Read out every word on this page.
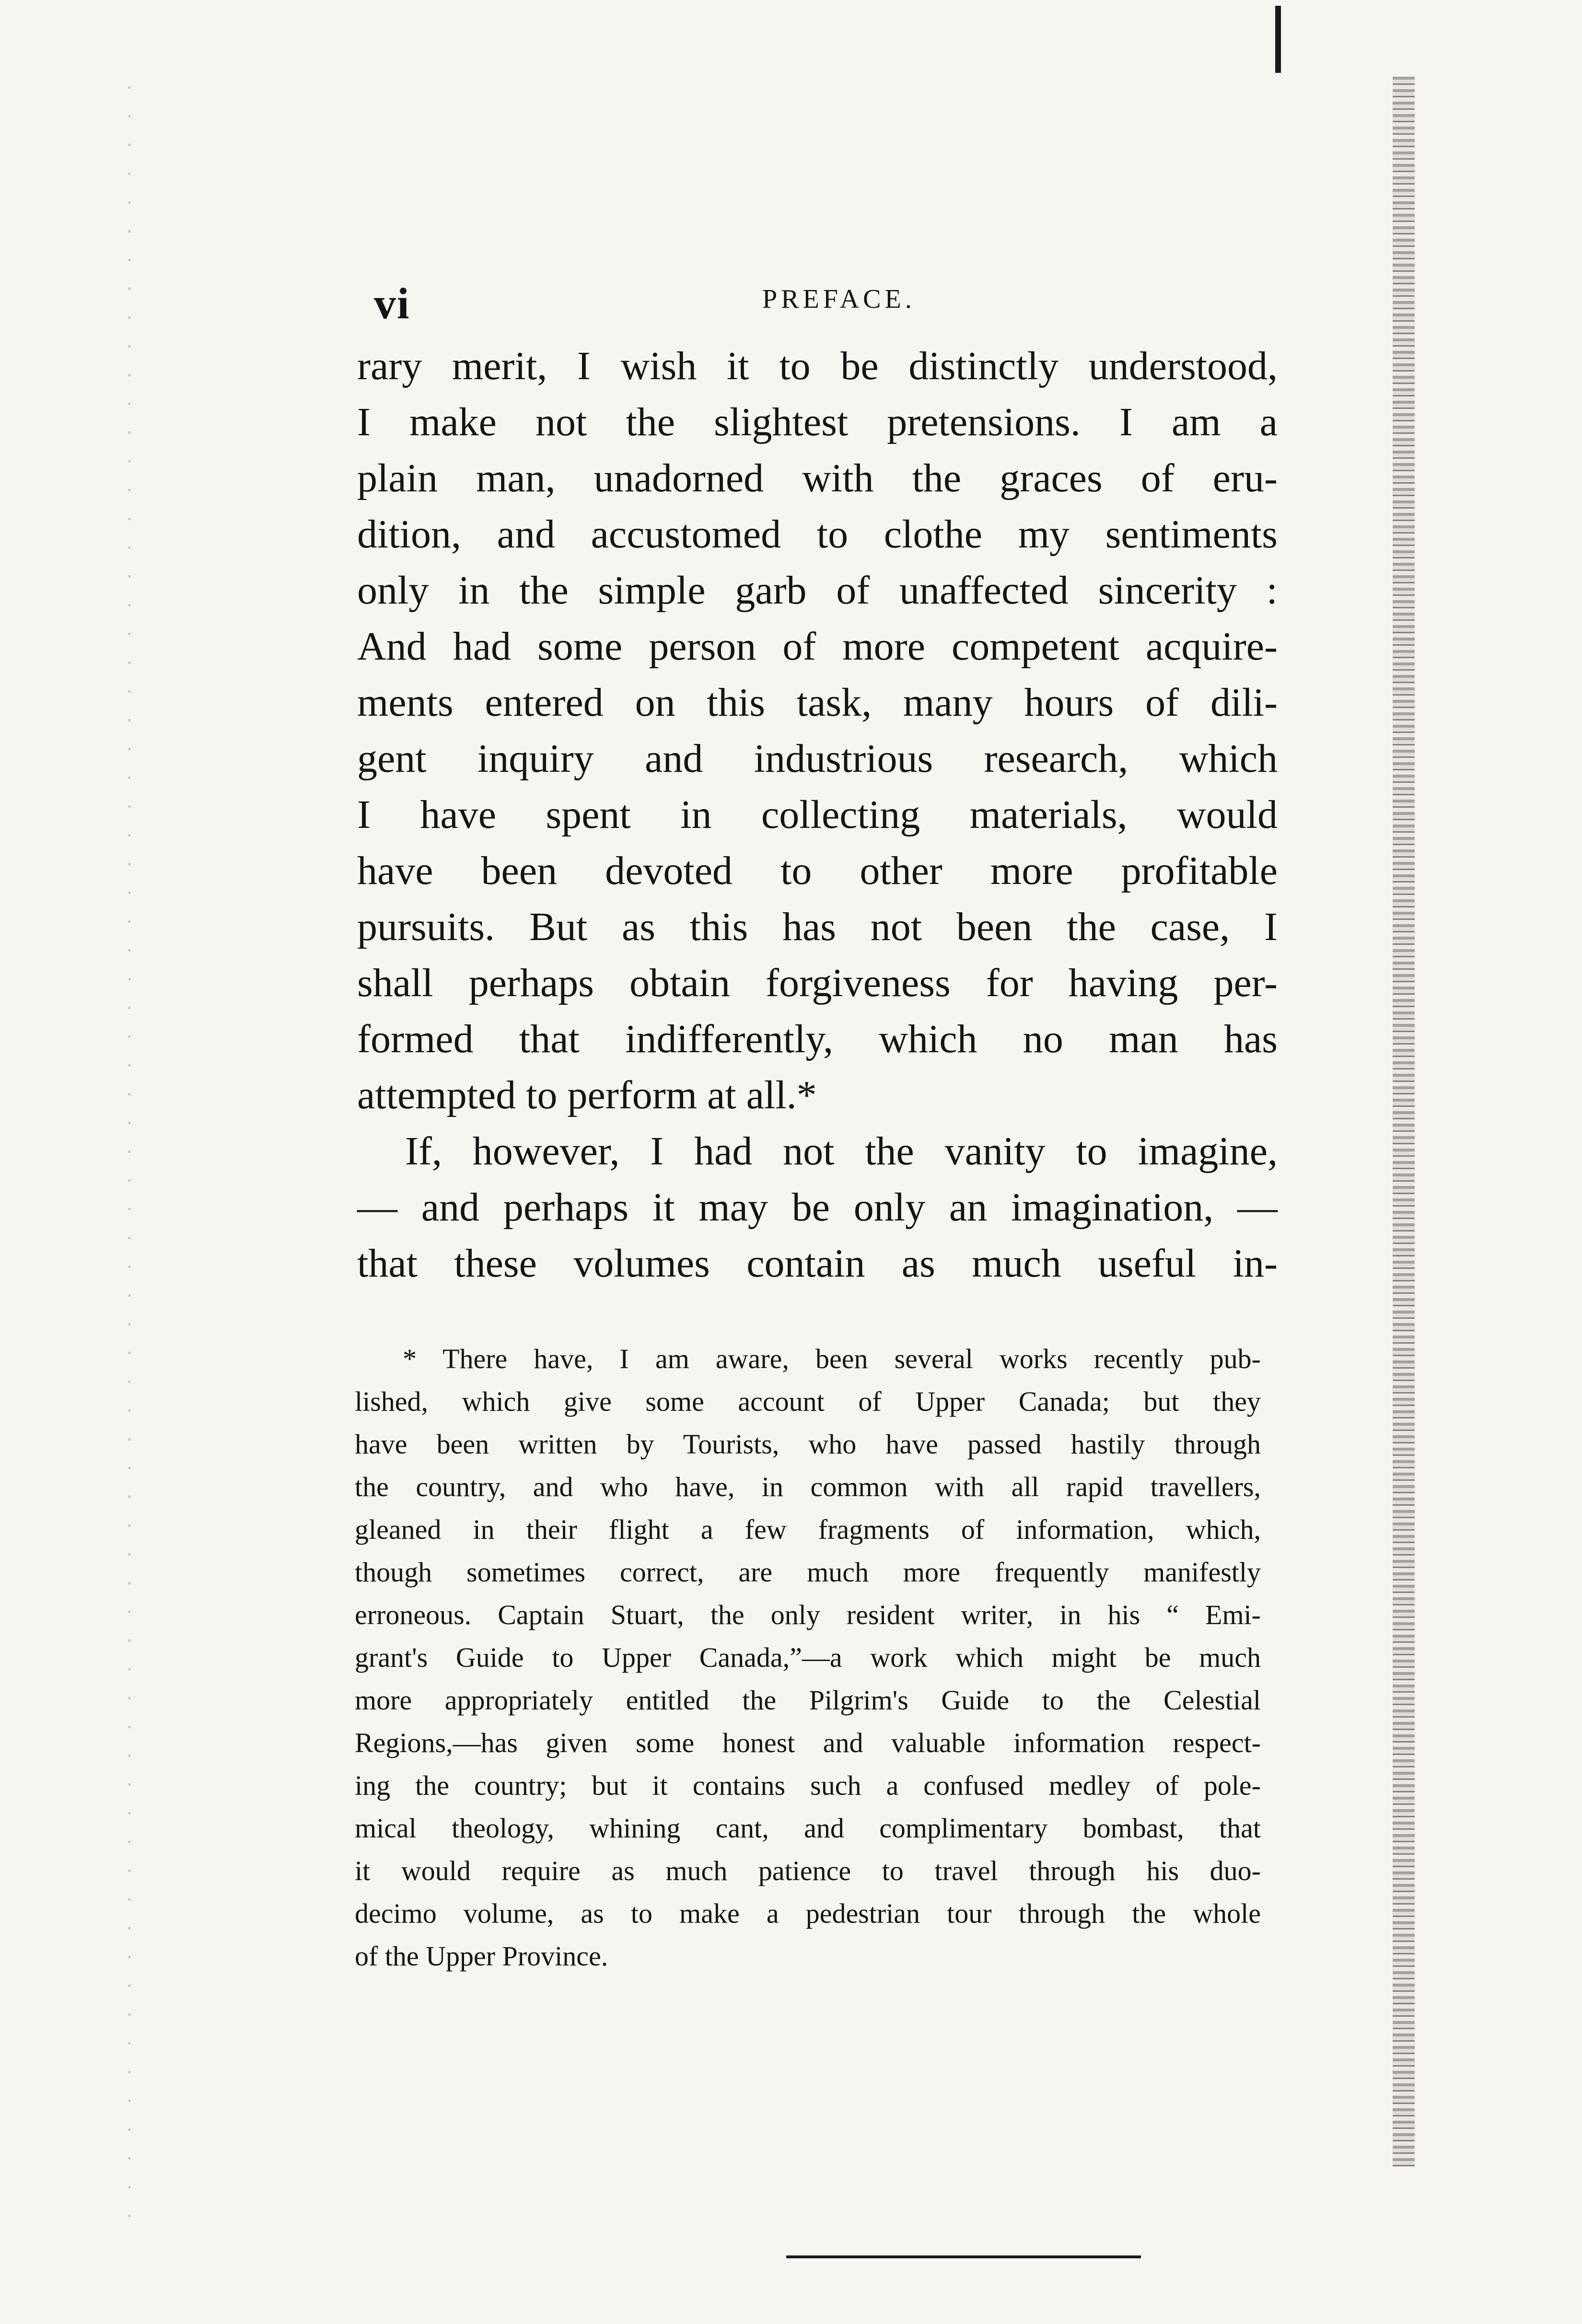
vi	PREFACE.
rary merit, I wish it to be distinctly understood,
I make not the slightest pretensions. I am a
plain man, unadorned with the graces of eru-
dition, and accustomed to clothe my sentiments
only in the simple garb of unaffected sincerity :
And had some person of more competent acquire-
ments entered on this task, many hours of dili-
gent inquiry and industrious research, which
I have spent in collecting materials, would
have been devoted to other more profitable
pursuits. But as this has not been the case, I
shall perhaps obtain forgiveness for having per-
formed that indifferently, which no man has
attempted to perform at all.*
If, however, I had not the vanity to imagine,
— and perhaps it may be only an imagination, —
that these volumes contain as much useful in-
* There have, I am aware, been several works recently pub-
lished, which give some account of Upper Canada; but they
have been written by Tourists, who have passed hastily through
the country, and who have, in common with all rapid travellers,
gleaned in their flight a few fragments of information, which,
though sometimes correct, are much more frequently manifestly
erroneous. Captain Stuart, the only resident writer, in his “ Emi-
grant's Guide to Upper Canada,”—a work which might be much
more appropriately entitled the Pilgrim's Guide to the Celestial
Regions,—has given some honest and valuable information respect-
ing the country; but it contains such a confused medley of pole-
mical theology, whining cant, and complimentary bombast, that
it would require as much patience to travel through his duo-
decimo volume, as to make a pedestrian tour through the whole
of the Upper Province.
